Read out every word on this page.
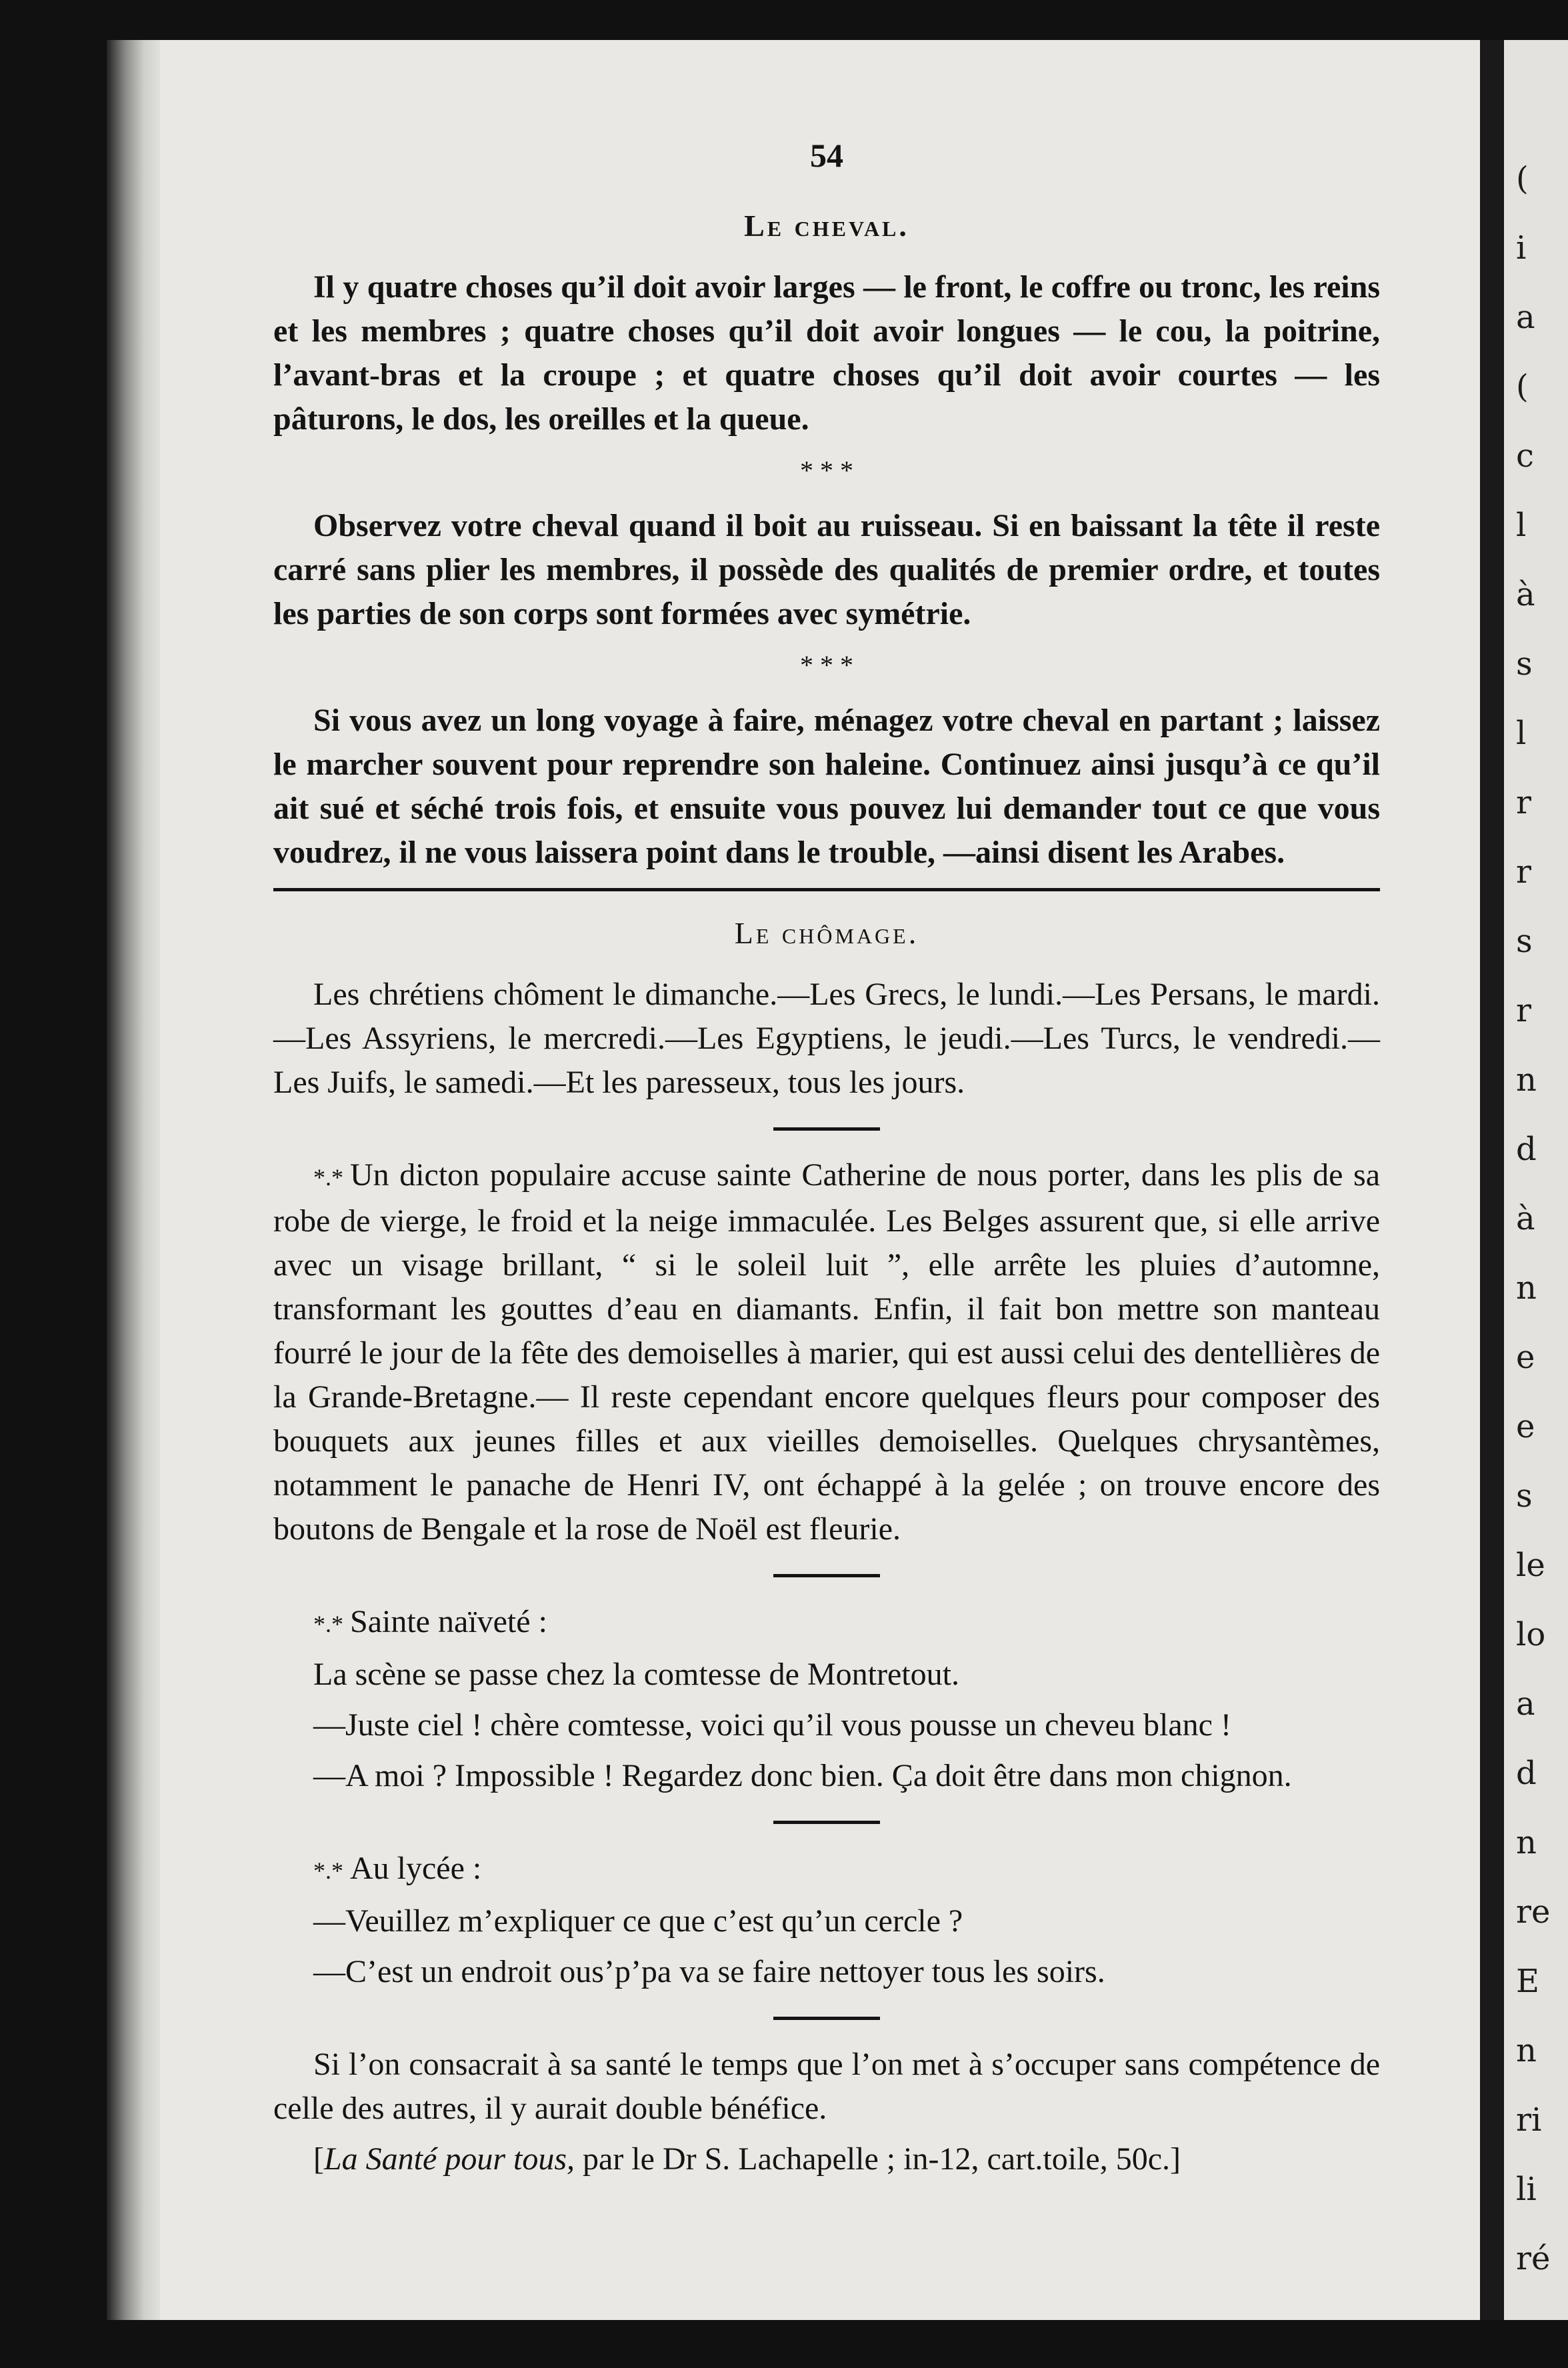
54
Le cheval.

Il y quatre choses qu’il doit avoir larges — le front, le coffre ou tronc, les reins et les membres ; quatre choses qu’il doit avoir longues — le cou, la poitrine, l’avant-bras et la croupe ; et quatre choses qu’il doit avoir courtes — les pâturons, le dos, les oreilles et la queue.

* * *

Observez votre cheval quand il boit au ruisseau. Si en baissant la tête il reste carré sans plier les membres, il possède des qualités de premier ordre, et toutes les parties de son corps sont formées avec symétrie.

* * *

Si vous avez un long voyage à faire, ménagez votre cheval en partant ; laissez le marcher souvent pour reprendre son haleine. Continuez ainsi jusqu’à ce qu’il ait sué et séché trois fois, et ensuite vous pouvez lui demander tout ce que vous voudrez, il ne vous laissera point dans le trouble, —ainsi disent les Arabes.

Le chômage.

Les chrétiens chôment le dimanche.—Les Grecs, le lundi.—Les Persans, le mardi.—Les Assyriens, le mercredi.—Les Egyptiens, le jeudi.—Les Turcs, le vendredi.—Les Juifs, le samedi.—Et les paresseux, tous les jours.

*.* Un dicton populaire accuse sainte Catherine de nous porter, dans les plis de sa robe de vierge, le froid et la neige immaculée. Les Belges assurent que, si elle arrive avec un visage brillant, “ si le soleil luit ”, elle arrête les pluies d’automne, transformant les gouttes d’eau en diamants. Enfin, il fait bon mettre son manteau fourré le jour de la fête des demoiselles à marier, qui est aussi celui des dentellières de la Grande-Bretagne.— Il reste cependant encore quelques fleurs pour composer des bouquets aux jeunes filles et aux vieilles demoiselles. Quelques chrysantèmes, notamment le panache de Henri IV, ont échappé à la gelée ; on trouve encore des boutons de Bengale et la rose de Noël est fleurie.

*.* Sainte naïveté :

La scène se passe chez la comtesse de Montretout.

—Juste ciel ! chère comtesse, voici qu’il vous pousse un cheveu blanc !

—A moi ? Impossible ! Regardez donc bien. Ça doit être dans mon chignon.

*.* Au lycée :

—Veuillez m’expliquer ce que c’est qu’un cercle ?

—C’est un endroit ous’p’pa va se faire nettoyer tous les soirs.

Si l’on consacrait à sa santé le temps que l’on met à s’occuper sans compétence de celle des autres, il y aurait double bénéfice.

[La Santé pour tous, par le Dr S. Lachapelle ; in-12, cart.toile, 50c.]

(
i
a
(
c
l
à
s
l
r
r
s
r
n
d
à
n
e
e
s
le
lo
a
d
n
re
E
n
ri
li
ré
